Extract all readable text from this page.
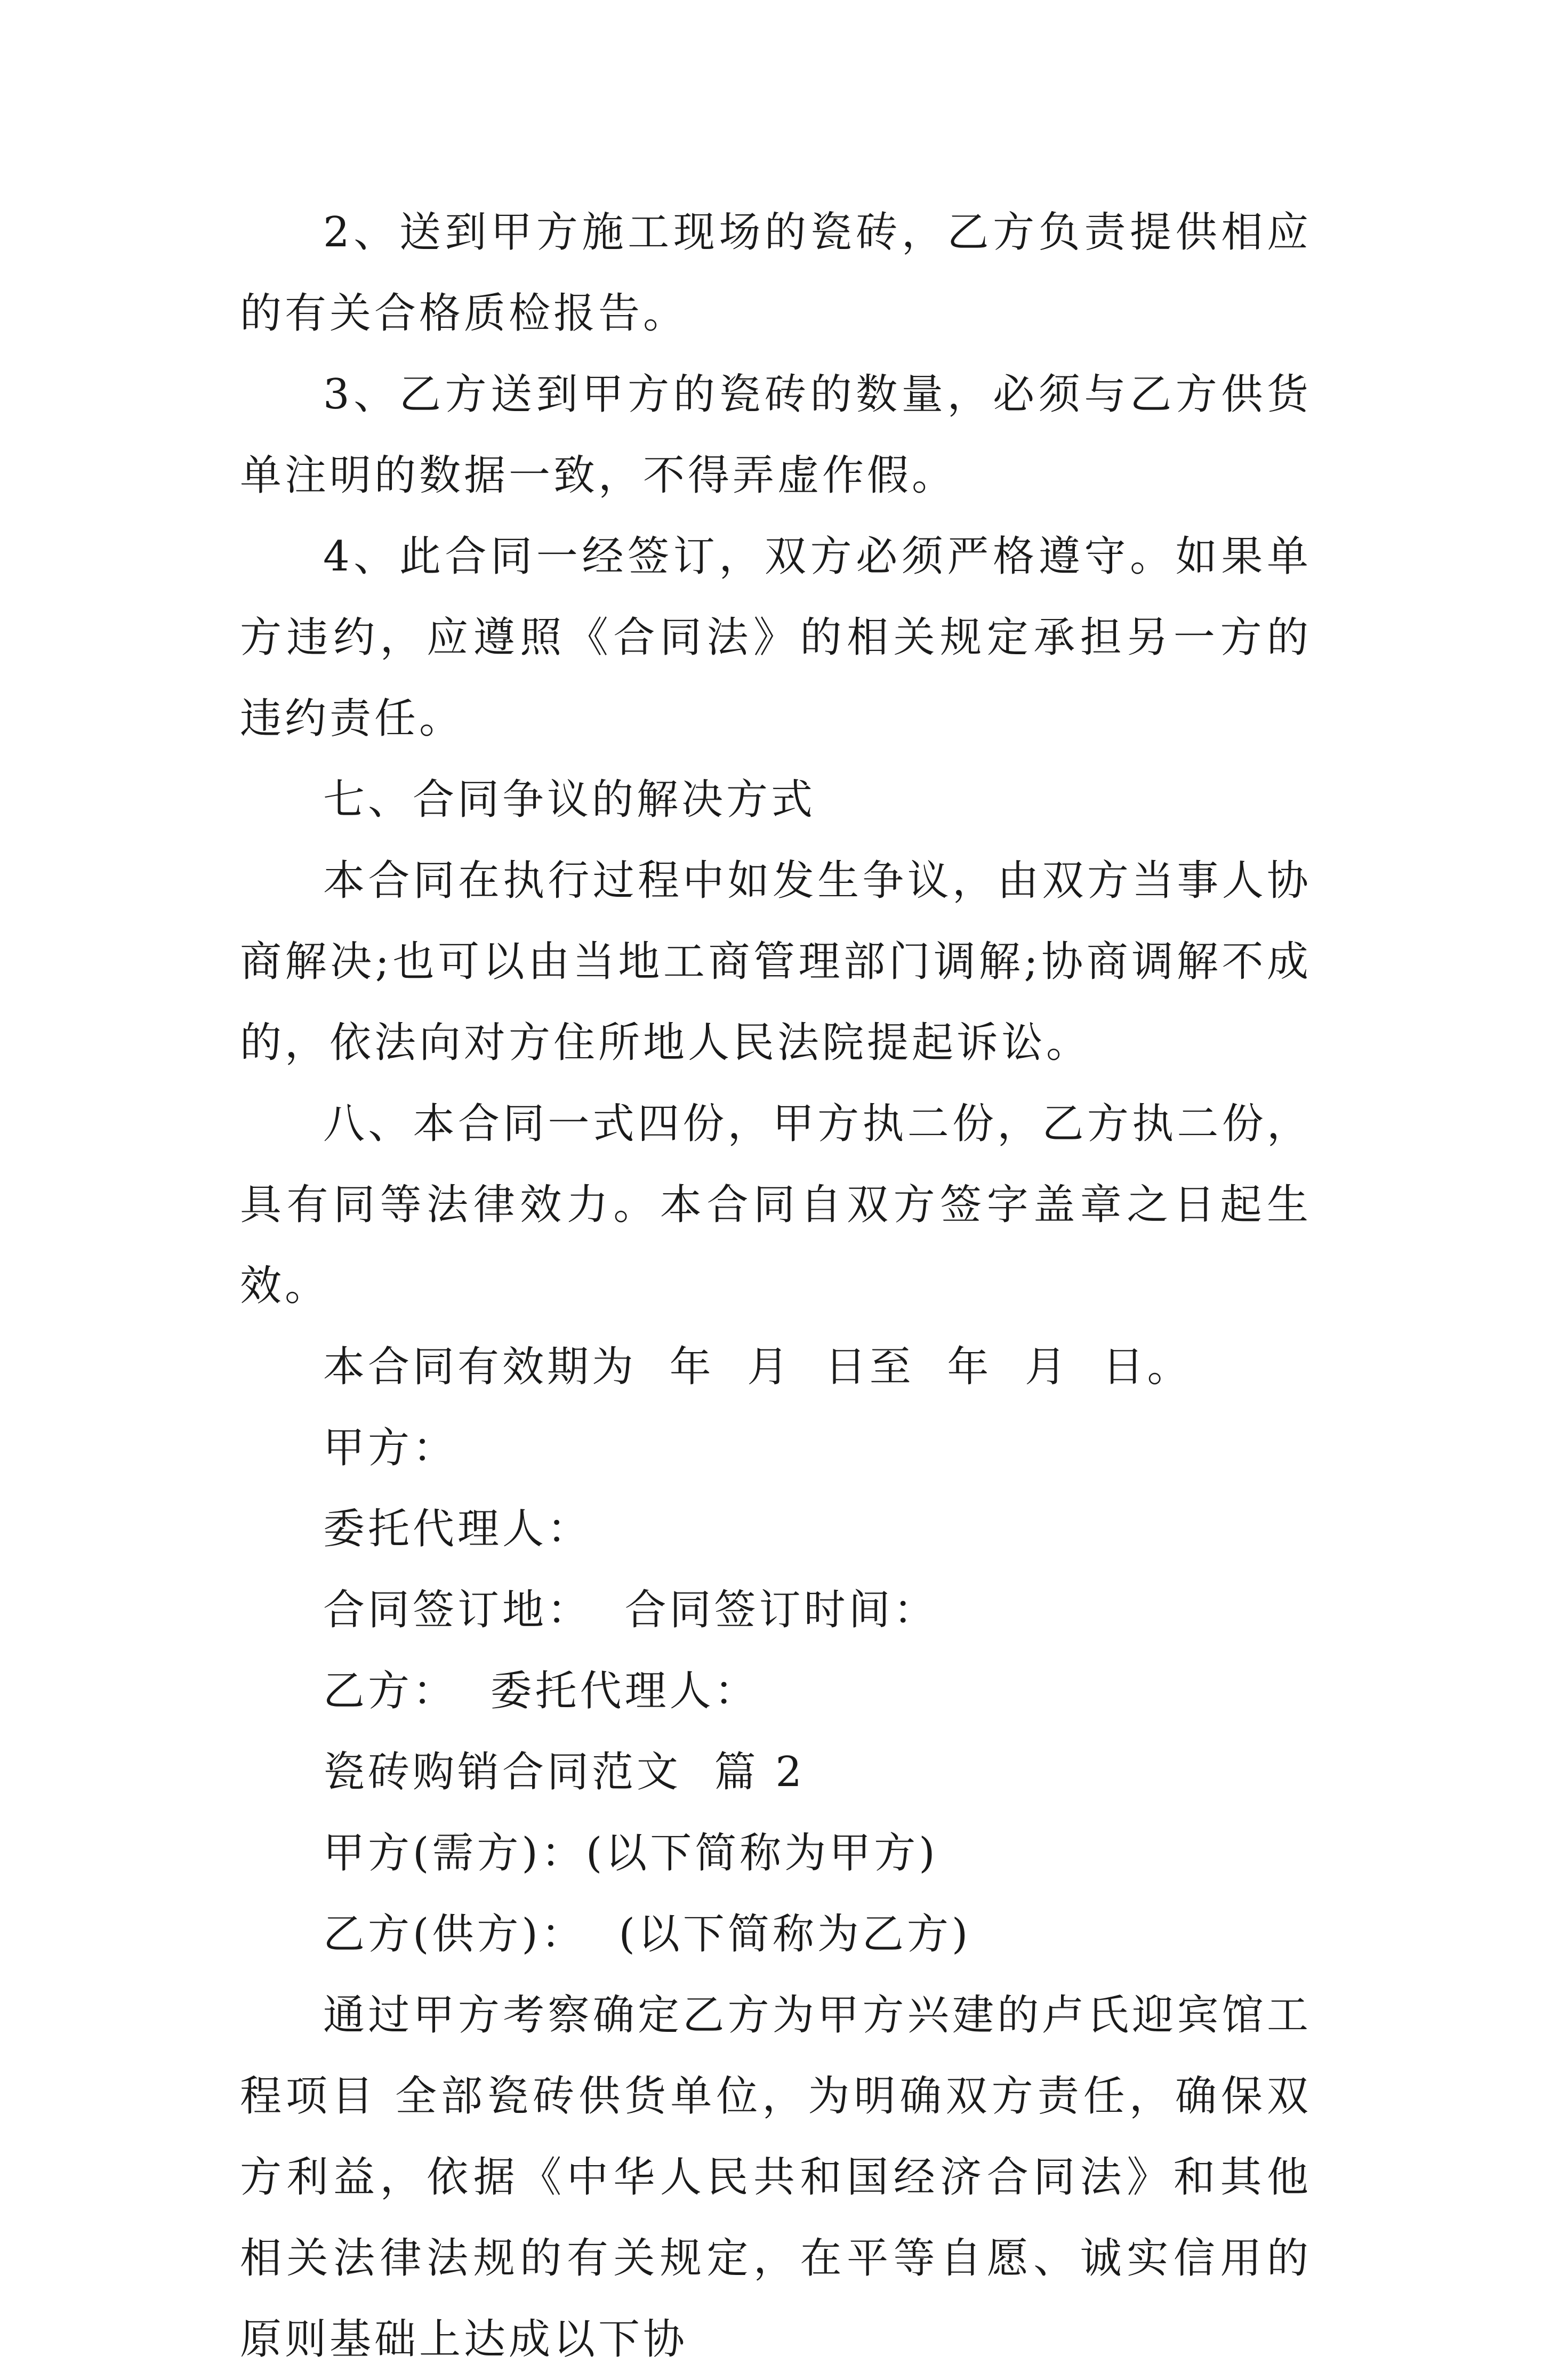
2、送到甲方施工现场的瓷砖，乙方负责提供相应的有关合格质检报告。

3、乙方送到甲方的瓷砖的数量，必须与乙方供货单注明的数据一致，不得弄虚作假。

4、此合同一经签订，双方必须严格遵守。如果单方违约，应遵照《合同法》的相关规定承担另一方的违约责任。

七、合同争议的解决方式

本合同在执行过程中如发生争议，由双方当事人协商解决;也可以由当地工商管理部门调解;协商调解不成的，依法向对方住所地人民法院提起诉讼。

八、本合同一式四份，甲方执二份，乙方执二份，具有同等法律效力。本合同自双方签字盖章之日起生效。

本合同有效期为  年  月  日至  年  月  日。

甲方：

委托代理人：

合同签订地：  合同签订时间：

乙方：  委托代理人：

瓷砖购销合同范文  篇 2

甲方(需方)：(以下简称为甲方)

乙方(供方)：  (以下简称为乙方)

通过甲方考察确定乙方为甲方兴建的卢氏迎宾馆工程项目 全部瓷砖供货单位，为明确双方责任，确保双方利益，依据《中华人民共和国经济合同法》和其他相关法律法规的有关规定，在平等自愿、诚实信用的原则基础上达成以下协
